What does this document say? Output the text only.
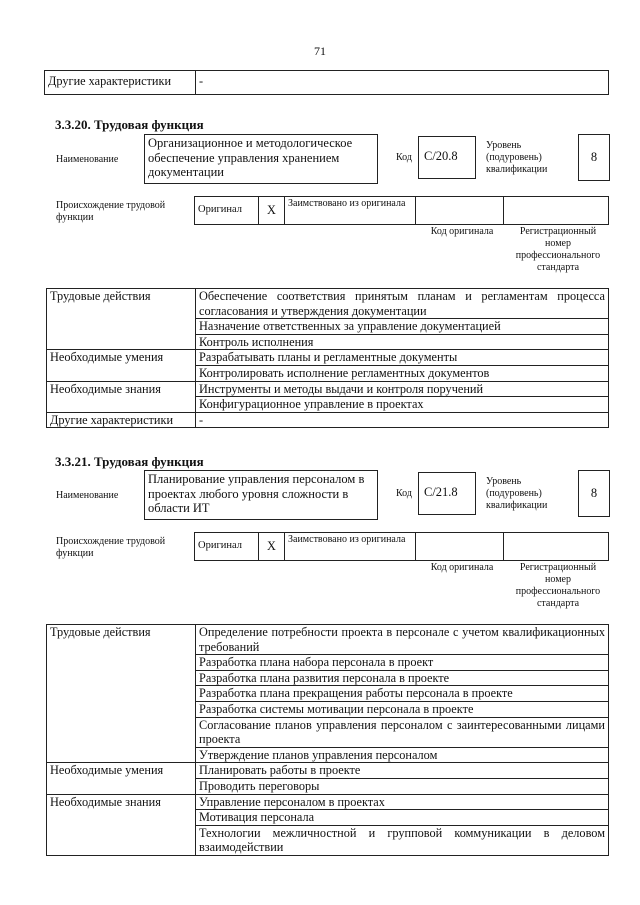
71
Другие характеристики	-
3.3.20. Трудовая функция
Наименование
Организационное и методологическое обеспечение управления хранением документации
Код С/20.8
Уровень (подуровень) квалификации
8
Происхождение трудовой функции
Оригинал	X	Заимствовано из оригинала		
Код оригинала	Регистрационный номер профессионального стандарта
Трудовые действия	Обеспечение соответствия принятым планам и регламентам процесса согласования и утверждения документации
	Назначение ответственных за управление документацией
	Контроль исполнения
Необходимые умения	Разрабатывать планы и регламентные документы
	Контролировать исполнение регламентных документов
Необходимые знания	Инструменты и методы выдачи и контроля поручений
	Конфигурационное управление в проектах
Другие характеристики	-
3.3.21. Трудовая функция
Наименование
Планирование управления персоналом в проектах любого уровня сложности в области ИТ
Код С/21.8
Уровень (подуровень) квалификации
8
Происхождение трудовой функции
Оригинал	X	Заимствовано из оригинала		
Код оригинала	Регистрационный номер профессионального стандарта
Трудовые действия	Определение потребности проекта в персонале с учетом квалификационных требований
	Разработка плана набора персонала в проект
	Разработка плана развития персонала в проекте
	Разработка плана прекращения работы персонала в проекте
	Разработка системы мотивации персонала в проекте
	Согласование планов управления персоналом с заинтересованными лицами проекта
	Утверждение планов управления персоналом
Необходимые умения	Планировать работы в проекте
	Проводить переговоры
Необходимые знания	Управление персоналом в проектах
	Мотивация персонала
	Технологии межличностной и групповой коммуникации в деловом взаимодействии
